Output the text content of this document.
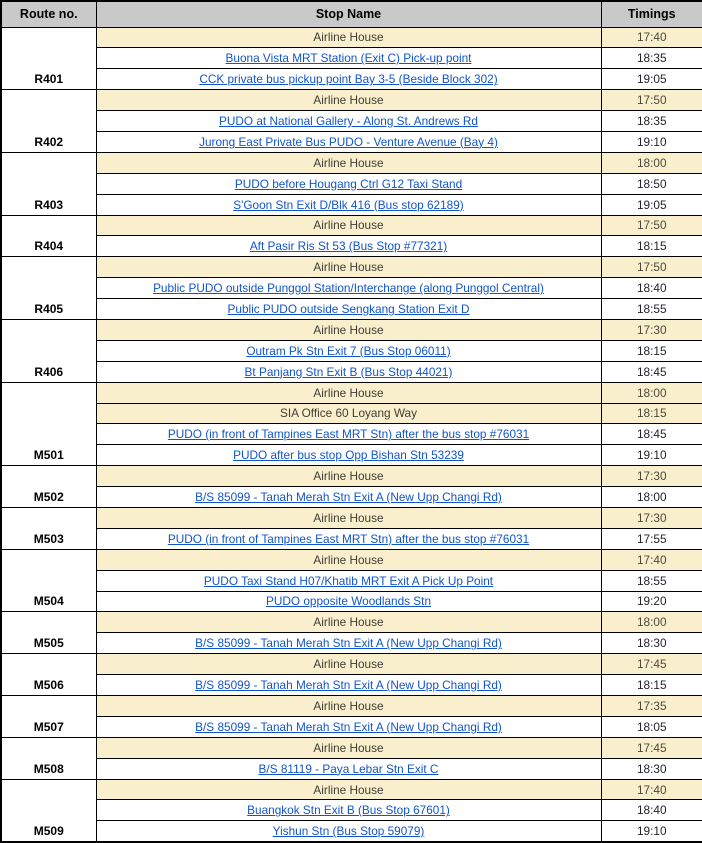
Route no.	Stop Name	Timings
R401	Airline House	17:40
	Buona Vista MRT Station (Exit C) Pick-up point	18:35
	CCK private bus pickup point Bay 3-5 (Beside Block 302)	19:05
R402	Airline House	17:50
	PUDO at National Gallery - Along St. Andrews Rd	18:35
	Jurong East Private Bus PUDO - Venture Avenue (Bay 4)	19:10
R403	Airline House	18:00
	PUDO before Hougang Ctrl G12 Taxi Stand	18:50
	S'Goon Stn Exit D/Blk 416 (Bus stop 62189)	19:05
R404	Airline House	17:50
	Aft Pasir Ris St 53 (Bus Stop #77321)	18:15
R405	Airline House	17:50
	Public PUDO outside Punggol Station/Interchange (along Punggol Central)	18:40
	Public PUDO outside Sengkang Station Exit D	18:55
R406	Airline House	17:30
	Outram Pk Stn Exit 7 (Bus Stop 06011)	18:15
	Bt Panjang Stn Exit B (Bus Stop 44021)	18:45
M501	Airline House	18:00
	SIA Office 60 Loyang Way	18:15
	PUDO (in front of Tampines East MRT Stn) after the bus stop #76031	18:45
	PUDO after bus stop Opp Bishan Stn 53239	19:10
M502	Airline House	17:30
	B/S 85099 - Tanah Merah Stn Exit A (New Upp Changi Rd)	18:00
M503	Airline House	17:30
	PUDO (in front of Tampines East MRT Stn) after the bus stop #76031	17:55
M504	Airline House	17:40
	PUDO Taxi Stand H07/Khatib MRT Exit A Pick Up Point	18:55
	PUDO opposite Woodlands Stn	19:20
M505	Airline House	18:00
	B/S 85099 - Tanah Merah Stn Exit A (New Upp Changi Rd)	18:30
M506	Airline House	17:45
	B/S 85099 - Tanah Merah Stn Exit A (New Upp Changi Rd)	18:15
M507	Airline House	17:35
	B/S 85099 - Tanah Merah Stn Exit A (New Upp Changi Rd)	18:05
M508	Airline House	17:45
	B/S 81119 - Paya Lebar Stn Exit C	18:30
M509	Airline House	17:40
	Buangkok Stn Exit B (Bus Stop 67601)	18:40
	Yishun Stn (Bus Stop 59079)	19:10
